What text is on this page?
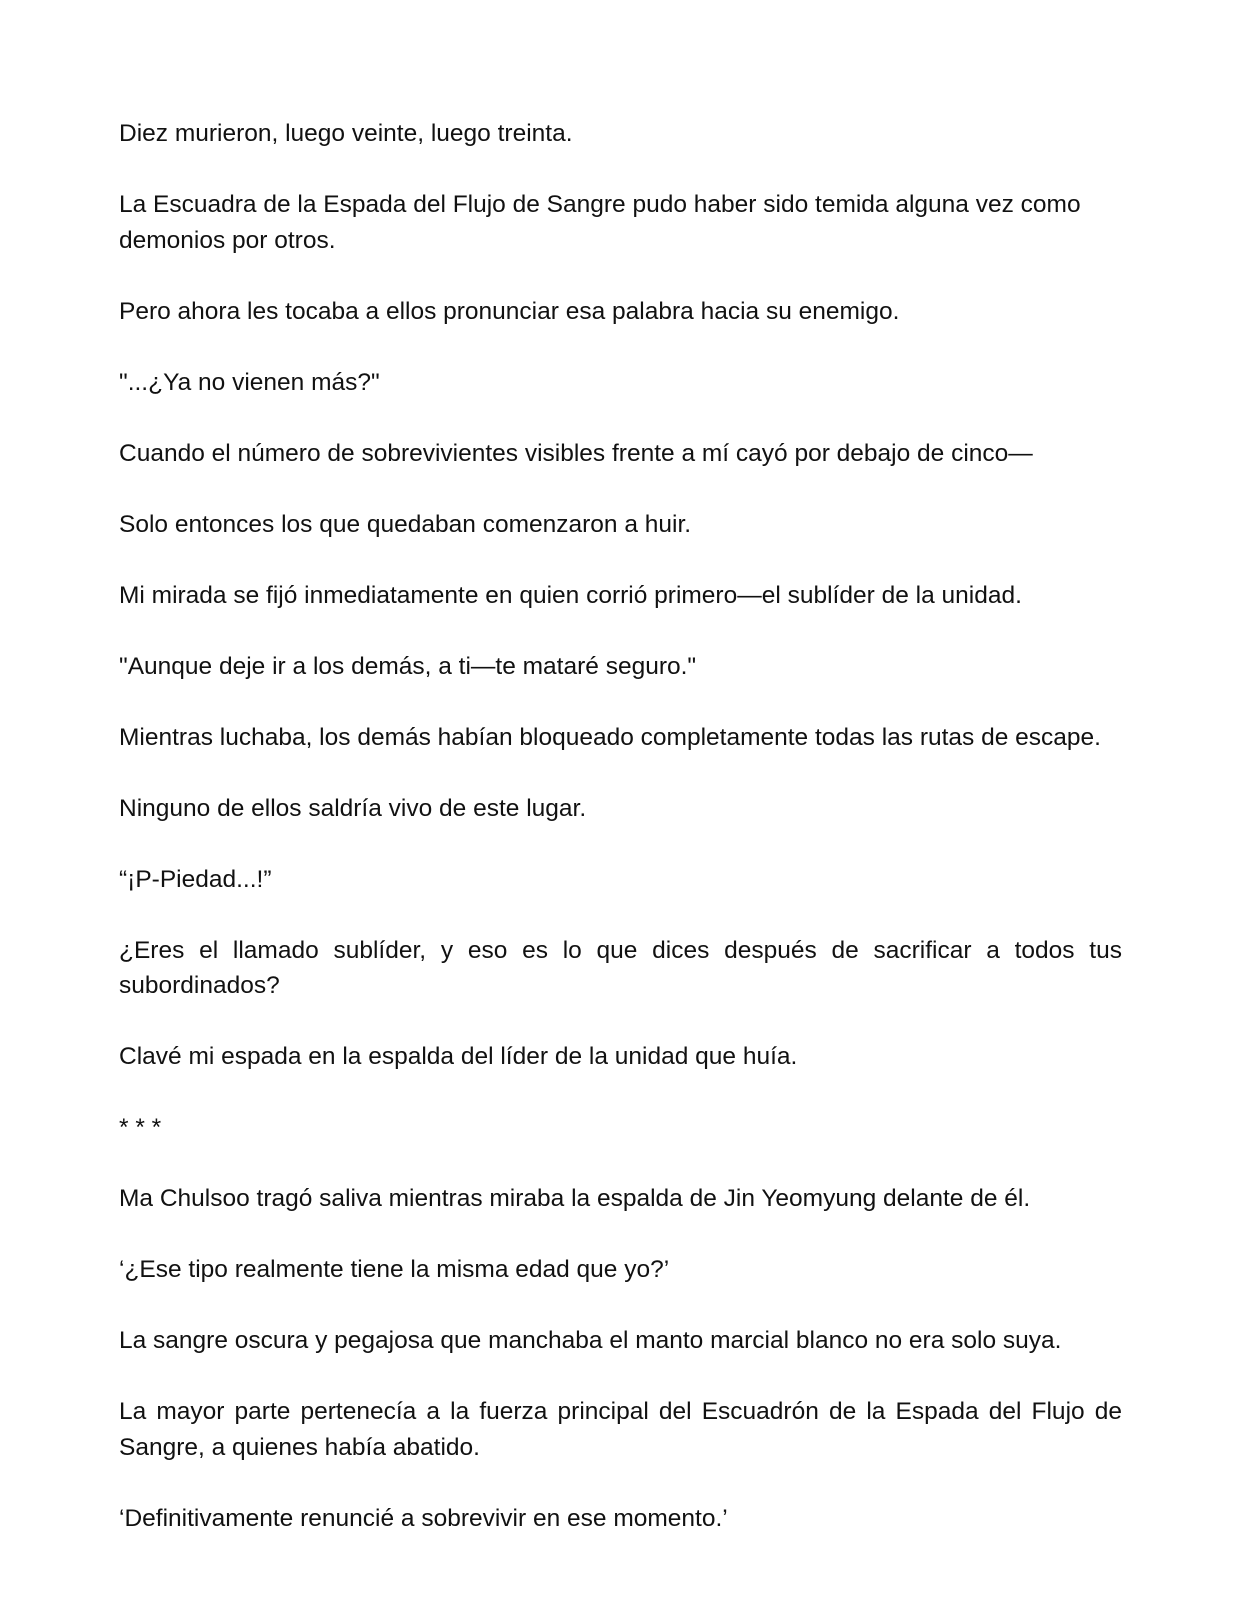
Diez murieron, luego veinte, luego treinta.

La Escuadra de la Espada del Flujo de Sangre pudo haber sido temida alguna vez como demonios por otros.

Pero ahora les tocaba a ellos pronunciar esa palabra hacia su enemigo.

"...¿Ya no vienen más?"

Cuando el número de sobrevivientes visibles frente a mí cayó por debajo de cinco—

Solo entonces los que quedaban comenzaron a huir.

Mi mirada se fijó inmediatamente en quien corrió primero—el sublíder de la unidad.

"Aunque deje ir a los demás, a ti—te mataré seguro."

Mientras luchaba, los demás habían bloqueado completamente todas las rutas de escape.

Ninguno de ellos saldría vivo de este lugar.

“¡P-Piedad...!”

¿Eres el llamado sublíder, y eso es lo que dices después de sacrificar a todos tus subordinados?

Clavé mi espada en la espalda del líder de la unidad que huía.

* * *

Ma Chulsoo tragó saliva mientras miraba la espalda de Jin Yeomyung delante de él.

‘¿Ese tipo realmente tiene la misma edad que yo?’

La sangre oscura y pegajosa que manchaba el manto marcial blanco no era solo suya.

La mayor parte pertenecía a la fuerza principal del Escuadrón de la Espada del Flujo de Sangre, a quienes había abatido.

‘Definitivamente renuncié a sobrevivir en ese momento.’
